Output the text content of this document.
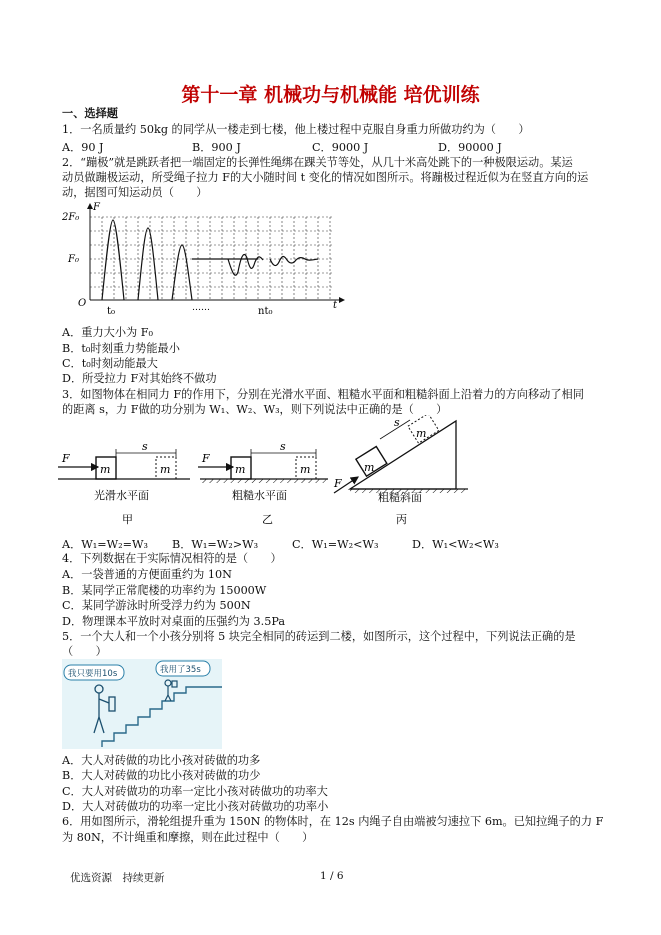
第十一章 机械功与机械能 培优训练
一、选择题
1．一名质量约 50kg 的同学从一楼走到七楼，他上楼过程中克服自身重力所做功约为（　　）
A．90 J	B．900 J	C．9000 J	D．90000 J
2．“蹦极”就是跳跃者把一端固定的长弹性绳绑在踝关节等处，从几十米高处跳下的一种极限运动。某运
动员做蹦极运动，所受绳子拉力 F的大小随时间 t 变化的情况如图所示。将蹦极过程近似为在竖直方向的运
动，据图可知运动员（　　）
2F₀
F₀
F
O	t
t₀	……	nt₀
A．重力大小为 F₀
B．t₀时刻重力势能最小
C．t₀时刻动能最大
D．所受拉力 F对其始终不做功
3．如图物体在相同力 F的作用下，分别在光滑水平面、粗糙水平面和粗糙斜面上沿着力的方向移动了相同
的距离 s，力 F做的功分别为 W₁、W₂、W₃，则下列说法中正确的是（　　）
F
m	m
s
光滑水平面
甲
F
m	m
s
粗糙水平面
乙
F
m
m
s
粗糙斜面
丙
A．W₁=W₂=W₃ B．W₁=W₂>W₃	C．W₁=W₂<W₃	D．W₁<W₂<W₃
4．下列数据在于实际情况相符的是（　　）
A．一袋普通的方便面重约为 10N
B．某同学正常爬楼的功率约为 15000W
C．某同学游泳时所受浮力约为 500N
D．物理课本平放时对桌面的压强约为 3.5Pa
5．一个大人和一个小孩分别将 5 块完全相同的砖运到二楼，如图所示，这个过程中，下列说法正确的是
（　　）
我只要用10s	我用了35s
A．大人对砖做的功比小孩对砖做的功多
B．大人对砖做的功比小孩对砖做的功少
C．大人对砖做功的功率一定比小孩对砖做功的功率大
D．大人对砖做功的功率一定比小孩对砖做功的功率小
6．用如图所示，滑轮组提升重为 150N 的物体时，在 12s 内绳子自由端被匀速拉下 6m。已知拉绳子的力 F
为 80N，不计绳重和摩擦，则在此过程中（　　）
优选资源　持续更新	1 / 6
